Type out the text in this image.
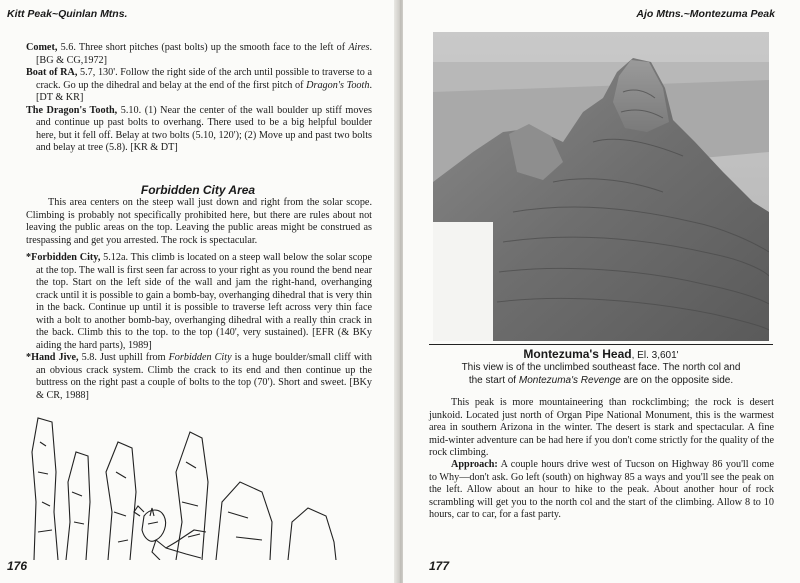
Kitt Peak~Quinlan Mtns.
Comet, 5.6. Three short pitches (past bolts) up the smooth face to the left of Aires. [BG & CG,1972]
Boat of RA, 5.7, 130'. Follow the right side of the arch until possible to traverse to a crack. Go up the dihedral and belay at the end of the first pitch of Dragon's Tooth. [DT & KR]
The Dragon's Tooth, 5.10. (1) Near the center of the wall boulder up stiff moves and continue up past bolts to overhang. There used to be a big helpful boulder here, but it fell off. Belay at two bolts (5.10, 120'); (2) Move up and past two bolts and belay at tree (5.8). [KR & DT]
Forbidden City Area
This area centers on the steep wall just down and right from the solar scope. Climbing is probably not specifically prohibited here, but there are rules about not leaving the public areas on the top. Leaving the public areas might be construed as trespassing and get you arrested. The rock is spectacular.
*Forbidden City, 5.12a. This climb is located on a steep wall below the solar scope at the top. The wall is first seen far across to your right as you round the bend near the top. Start on the left side of the wall and jam the right-hand, overhanging crack until it is possible to gain a bomb-bay, overhanging dihedral that is very thin in the back. Continue up until it is possible to traverse left across very thin face with a bolt to another bomb-bay, overhanging dihedral with a really thin crack in the back. Climb this to the top. to the top (140', very sustained). [EFR (& BKy aiding the hard parts), 1989]
*Hand Jive, 5.8. Just uphill from Forbidden City is a huge boulder/small cliff with an obvious crack system. Climb the crack to its end and then continue up the buttress on the right past a couple of bolts to the top (70'). Short and sweet. [BKy & CR, 1988]
176
Ajo Mtns.~Montezuma Peak
Montezuma's Head, El. 3,601'
This view is of the unclimbed southeast face. The north col and
the start of Montezuma's Revenge are on the opposite side.
This peak is more mountaineering than rockclimbing; the rock is desert junkoid. Located just north of Organ Pipe National Monument, this is the warmest area in southern Arizona in the winter. The desert is stark and spectacular. A fine mid-winter adventure can be had here if you don't come strictly for the quality of the rock climbing.
Approach: A couple hours drive west of Tucson on Highway 86 you'll come to Why—don't ask. Go left (south) on highway 85 a ways and you'll see the peak on the left. Allow about an hour to hike to the peak. About another hour of rock scrambling will get you to the north col and the start of the climbing. Allow 8 to 10 hours, car to car, for a fast party.
177
